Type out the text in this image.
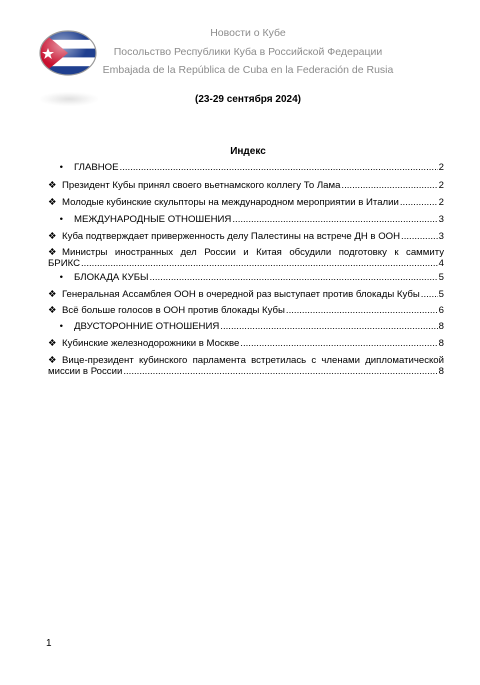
Новости о Кубе
Посольство Республики Куба в Российской Федерации
Embajada de la República de Cuba en la Federación de Rusia
(23-29 сентября 2024)
Индекс
•	ГЛАВНОЕ .....	2
❖ Президент Кубы принял своего вьетнамского коллегу То Лама .....	2
❖ Молодые кубинские скульпторы на международном мероприятии в Италии .....	2
•	МЕЖДУНАРОДНЫЕ ОТНОШЕНИЯ .....	3
❖ Куба подтверждает приверженность делу Палестины на встрече ДН в ООН .....	3
❖ Министры иностранных дел России и Китая обсудили подготовку к саммиту
БРИКС .....	4
•	БЛОКАДА КУБЫ .....	5
❖ Генеральная Ассамблея ООН в очередной раз выступает против блокады Кубы ..... 5
❖ Всё больше голосов в ООН против блокады Кубы .....	6
•	ДВУСТОРОННИЕ ОТНОШЕНИЯ .....	8
❖ Кубинские железнодорожники в Москве .....	8
❖ Вице-президент кубинского парламента встретилась с членами дипломатической
миссии в России .....	8
1
